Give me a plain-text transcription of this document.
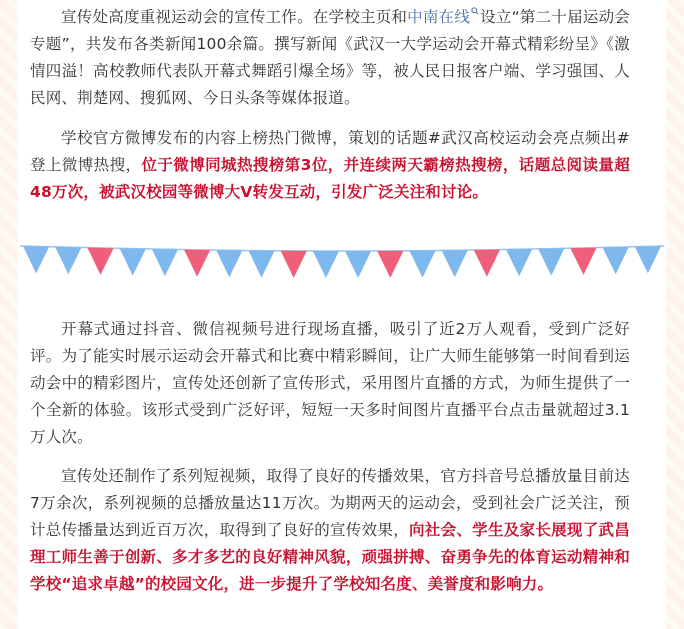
宣传处高度重视运动会的宣传工作。在学校主页和中南在线 设立“第二十届运动会专题”，共发布各类新闻100余篇。撰写新闻《武汉一大学运动会开幕式精彩纷呈》《激情四溢！高校教师代表队开幕式舞蹈引爆全场》等，被人民日报客户端、学习强国、人民网、荆楚网、搜狐网、今日头条等媒体报道。

学校官方微博发布的内容上榜热门微博，策划的话题#武汉高校运动会亮点频出#登上微博热搜，位于微博同城热搜榜第3位，并连续两天霸榜热搜榜，话题总阅读量超48万次，被武汉校园等微博大V转发互动，引发广泛关注和讨论。

开幕式通过抖音、微信视频号进行现场直播，吸引了近2万人观看，受到广泛好评。为了能实时展示运动会开幕式和比赛中精彩瞬间，让广大师生能够第一时间看到运动会中的精彩图片，宣传处还创新了宣传形式，采用图片直播的方式，为师生提供了一个全新的体验。该形式受到广泛好评，短短一天多时间图片直播平台点击量就超过3.1万人次。

宣传处还制作了系列短视频，取得了良好的传播效果，官方抖音号总播放量目前达7万余次，系列视频的总播放量达11万次。为期两天的运动会，受到社会广泛关注，预计总传播量达到近百万次，取得到了良好的宣传效果，向社会、学生及家长展现了武昌理工师生善于创新、多才多艺的良好精神风貌，顽强拼搏、奋勇争先的体育运动精神和学校“追求卓越”的校园文化，进一步提升了学校知名度、美誉度和影响力。
